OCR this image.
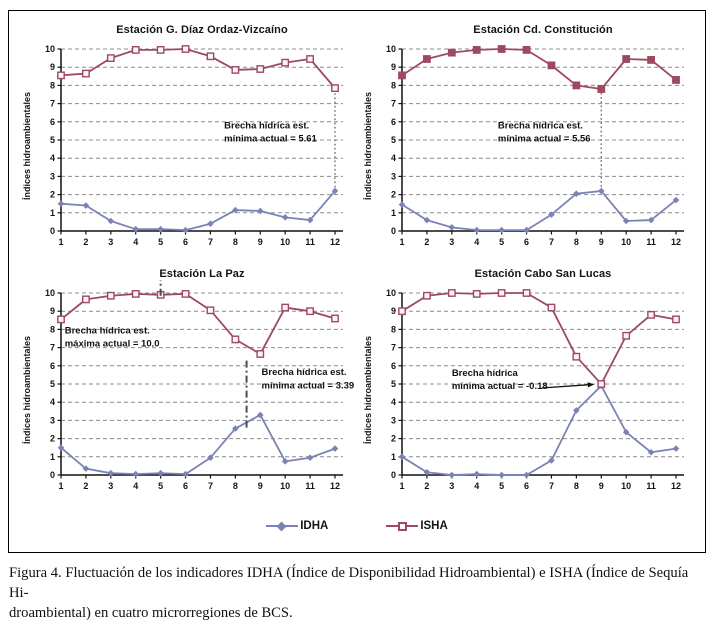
Estación G. Díaz Ordaz-Vizcaíno
Índices hidroambientales
0
1
2
3
4
5
6
7
8
9
10
1 2 3 4 5 6 7 8 9 10 11 12
Brecha hídrica est.
mínima actual = 5.61
Estación Cd. Constitución
Índices hidroambientales
0
1
2
3
4
5
6
7
8
9
10
1 2 3 4 5 6 7 8 9 10 11 12
Brecha hídrica est.
mínima actual = 5.56
Estación La Paz
Índices hidroambientales
0
1
2
3
4
5
6
7
8
9
10
1 2 3 4 5 6 7 8 9 10 11 12
Brecha hídrica est.
máxima actual = 10.0
Brecha hídrica est.
mínima actual = 3.39
Estación Cabo San Lucas
Índices hidroambientales
0
1
2
3
4
5
6
7
8
9
10
1 2 3 4 5 6 7 8 9 10 11 12
Brecha hídrica
mínima actual = -0.18
IDHA	ISHA
Figura 4. Fluctuación de los indicadores IDHA (Índice de Disponibilidad Hidroambiental) e ISHA (Índice de Sequía Hi-
droambiental) en cuatro microrregiones de BCS.
